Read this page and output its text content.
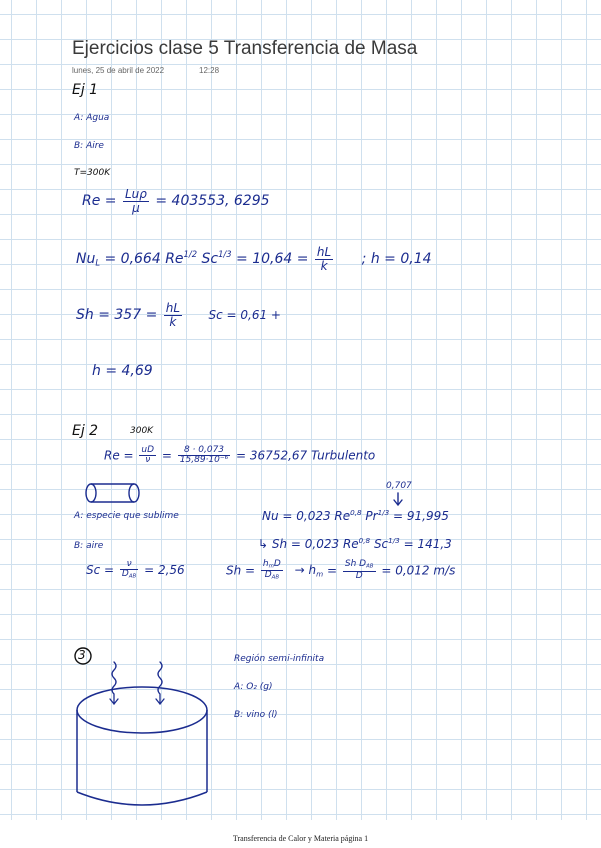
Ejercicios clase 5 Transferencia de Masa
lunes, 25 de abril de 2022	12:28
Ej 1
A: Agua
B: Aire
T=300K
$Re = \frac{\text{Luρ}}{\mu} = 403553$, 6295
$Nu_L = 0,664$ $Re^{1/2}$ $Sc^{1/3} = 10,64 = \frac{hL}{k}$ ; h = 0,14
$Sh = 357 = \frac{hL}{k}$ Sc = 0,61 +
h = 4,69
Ej 2	300K
$Re = \frac{uD}{\nu} = \frac{8 \cdot 0,073}{\text{15,89·10⁻⁶}} = 36752,67$ Turbulento
0,707
A: especie que sublime	Nu = 0,023 Re$^{0,8}$ $Pr^{1/3} = 91,995$
B: aire	↳ Sh = 0,023 Re$^{0,8}$ $Sc^{1/3} = 141,3$
$Sc = \frac{\nu}{D_{AB}} = 2,56$	$Sh = \frac{h_mD}{D_{AB}} \to h_m = \frac{Sh D_{AB}}{D} = 0,012$ m/s
3	Región semi-infinita
A: O₂ (g)
B: vino (l)
Transferencia de Calor y Materia página 1
